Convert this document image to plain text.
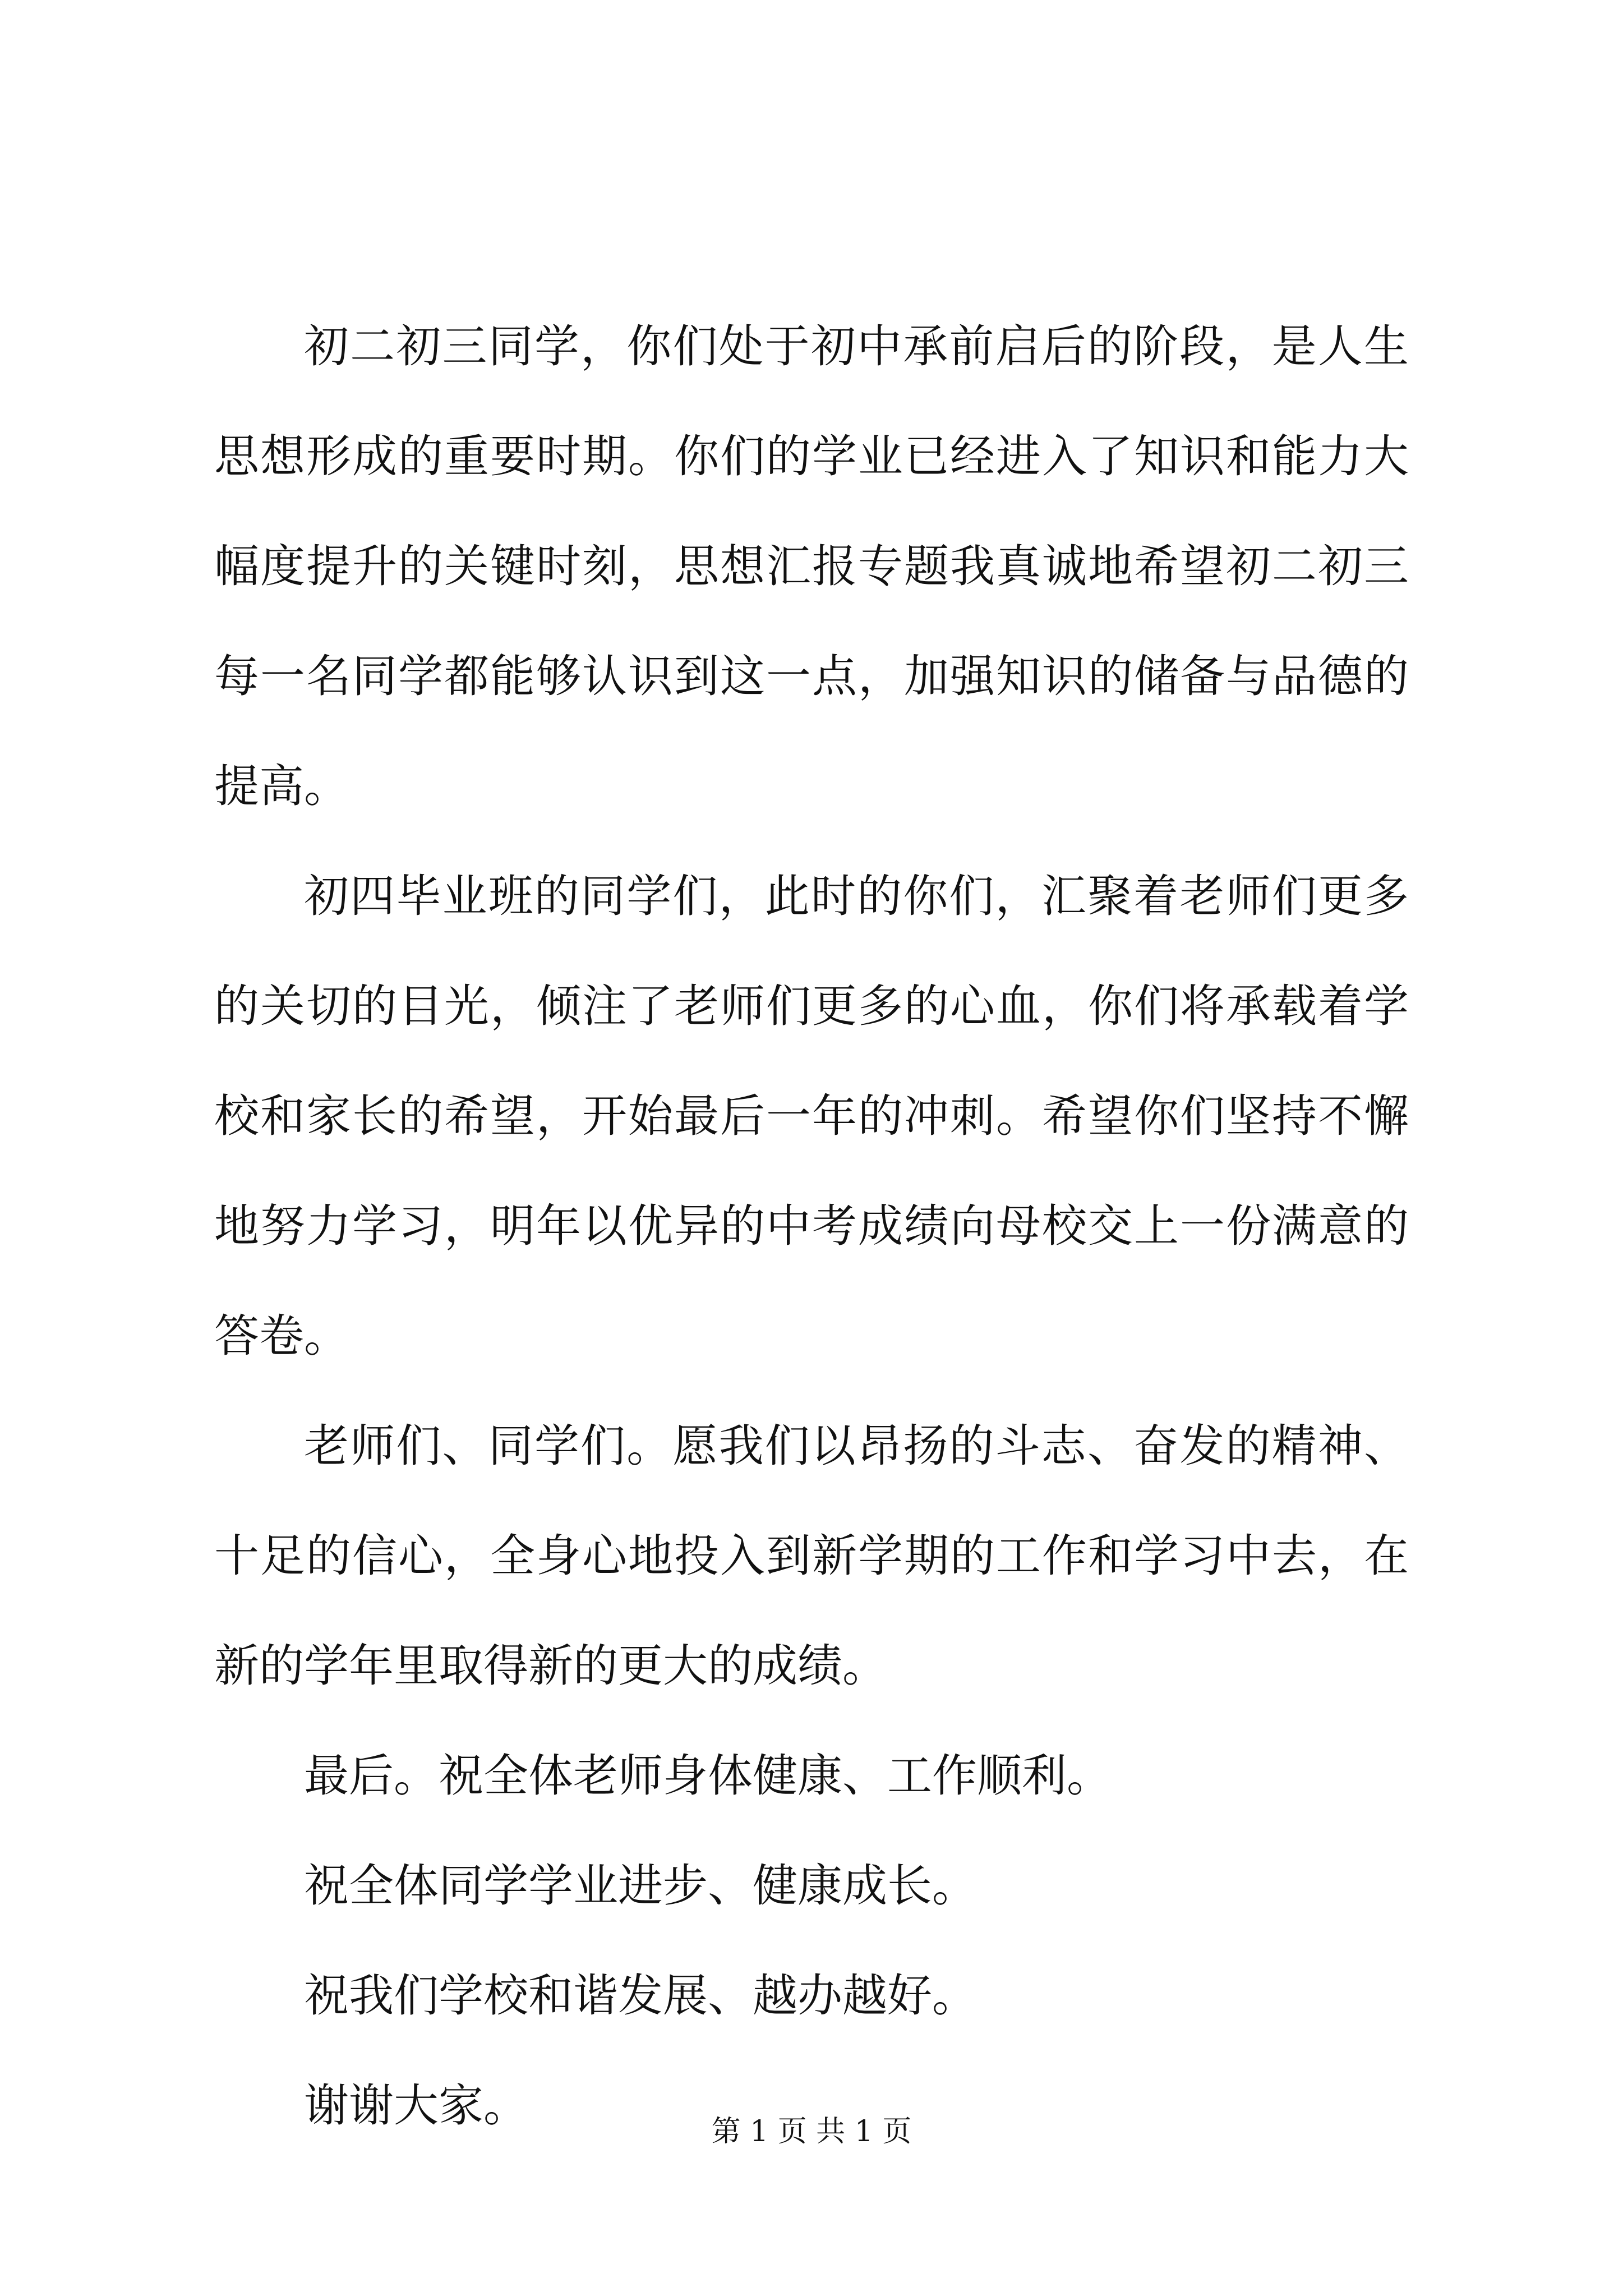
初二初三同学，你们处于初中承前启后的阶段，是人生思想形成的重要时期。你们的学业已经进入了知识和能力大幅度提升的关键时刻，思想汇报专题我真诚地希望初二初三每一名同学都能够认识到这一点，加强知识的储备与品德的提高。

初四毕业班的同学们，此时的你们，汇聚着老师们更多的关切的目光，倾注了老师们更多的心血，你们将承载着学校和家长的希望，开始最后一年的冲刺。希望你们坚持不懈地努力学习，明年以优异的中考成绩向母校交上一份满意的答卷。

老师们、同学们。愿我们以昂扬的斗志、奋发的精神、十足的信心，全身心地投入到新学期的工作和学习中去，在新的学年里取得新的更大的成绩。

最后。祝全体老师身体健康、工作顺利。

祝全体同学学业进步、健康成长。

祝我们学校和谐发展、越办越好。

谢谢大家。	第 1 页 共 1 页
